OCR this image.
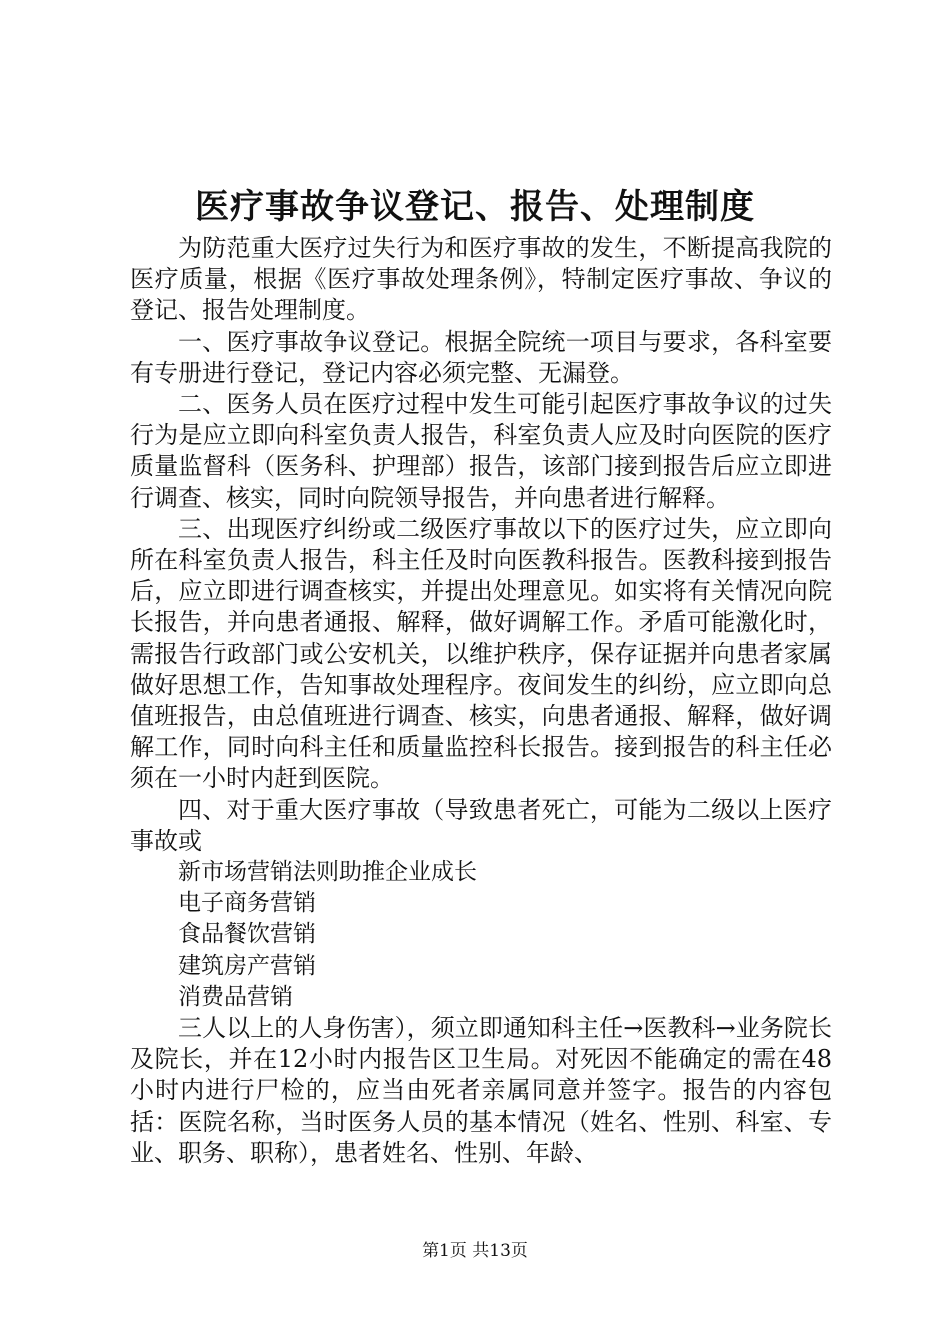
医疗事故争议登记、报告、处理制度

为防范重大医疗过失行为和医疗事故的发生，不断提高我院的医疗质量，根据《医疗事故处理条例》，特制定医疗事故、争议的登记、报告处理制度。

一、医疗事故争议登记。根据全院统一项目与要求，各科室要有专册进行登记，登记内容必须完整、无漏登。

二、医务人员在医疗过程中发生可能引起医疗事故争议的过失行为是应立即向科室负责人报告，科室负责人应及时向医院的医疗质量监督科（医务科、护理部）报告，该部门接到报告后应立即进行调查、核实，同时向院领导报告，并向患者进行解释。

三、出现医疗纠纷或二级医疗事故以下的医疗过失，应立即向所在科室负责人报告，科主任及时向医教科报告。医教科接到报告后，应立即进行调查核实，并提出处理意见。如实将有关情况向院长报告，并向患者通报、解释，做好调解工作。矛盾可能激化时，需报告行政部门或公安机关，以维护秩序，保存证据并向患者家属做好思想工作，告知事故处理程序。夜间发生的纠纷，应立即向总值班报告，由总值班进行调查、核实，向患者通报、解释，做好调解工作，同时向科主任和质量监控科长报告。接到报告的科主任必须在一小时内赶到医院。

四、对于重大医疗事故（导致患者死亡，可能为二级以上医疗事故或

新市场营销法则助推企业成长

电子商务营销

食品餐饮营销

建筑房产营销

消费品营销

三人以上的人身伤害），须立即通知科主任→医教科→业务院长及院长，并在12小时内报告区卫生局。对死因不能确定的需在48小时内进行尸检的，应当由死者亲属同意并签字。报告的内容包括：医院名称，当时医务人员的基本情况（姓名、性别、科室、专业、职务、职称），患者姓名、性别、年龄、

第1页 共13页
